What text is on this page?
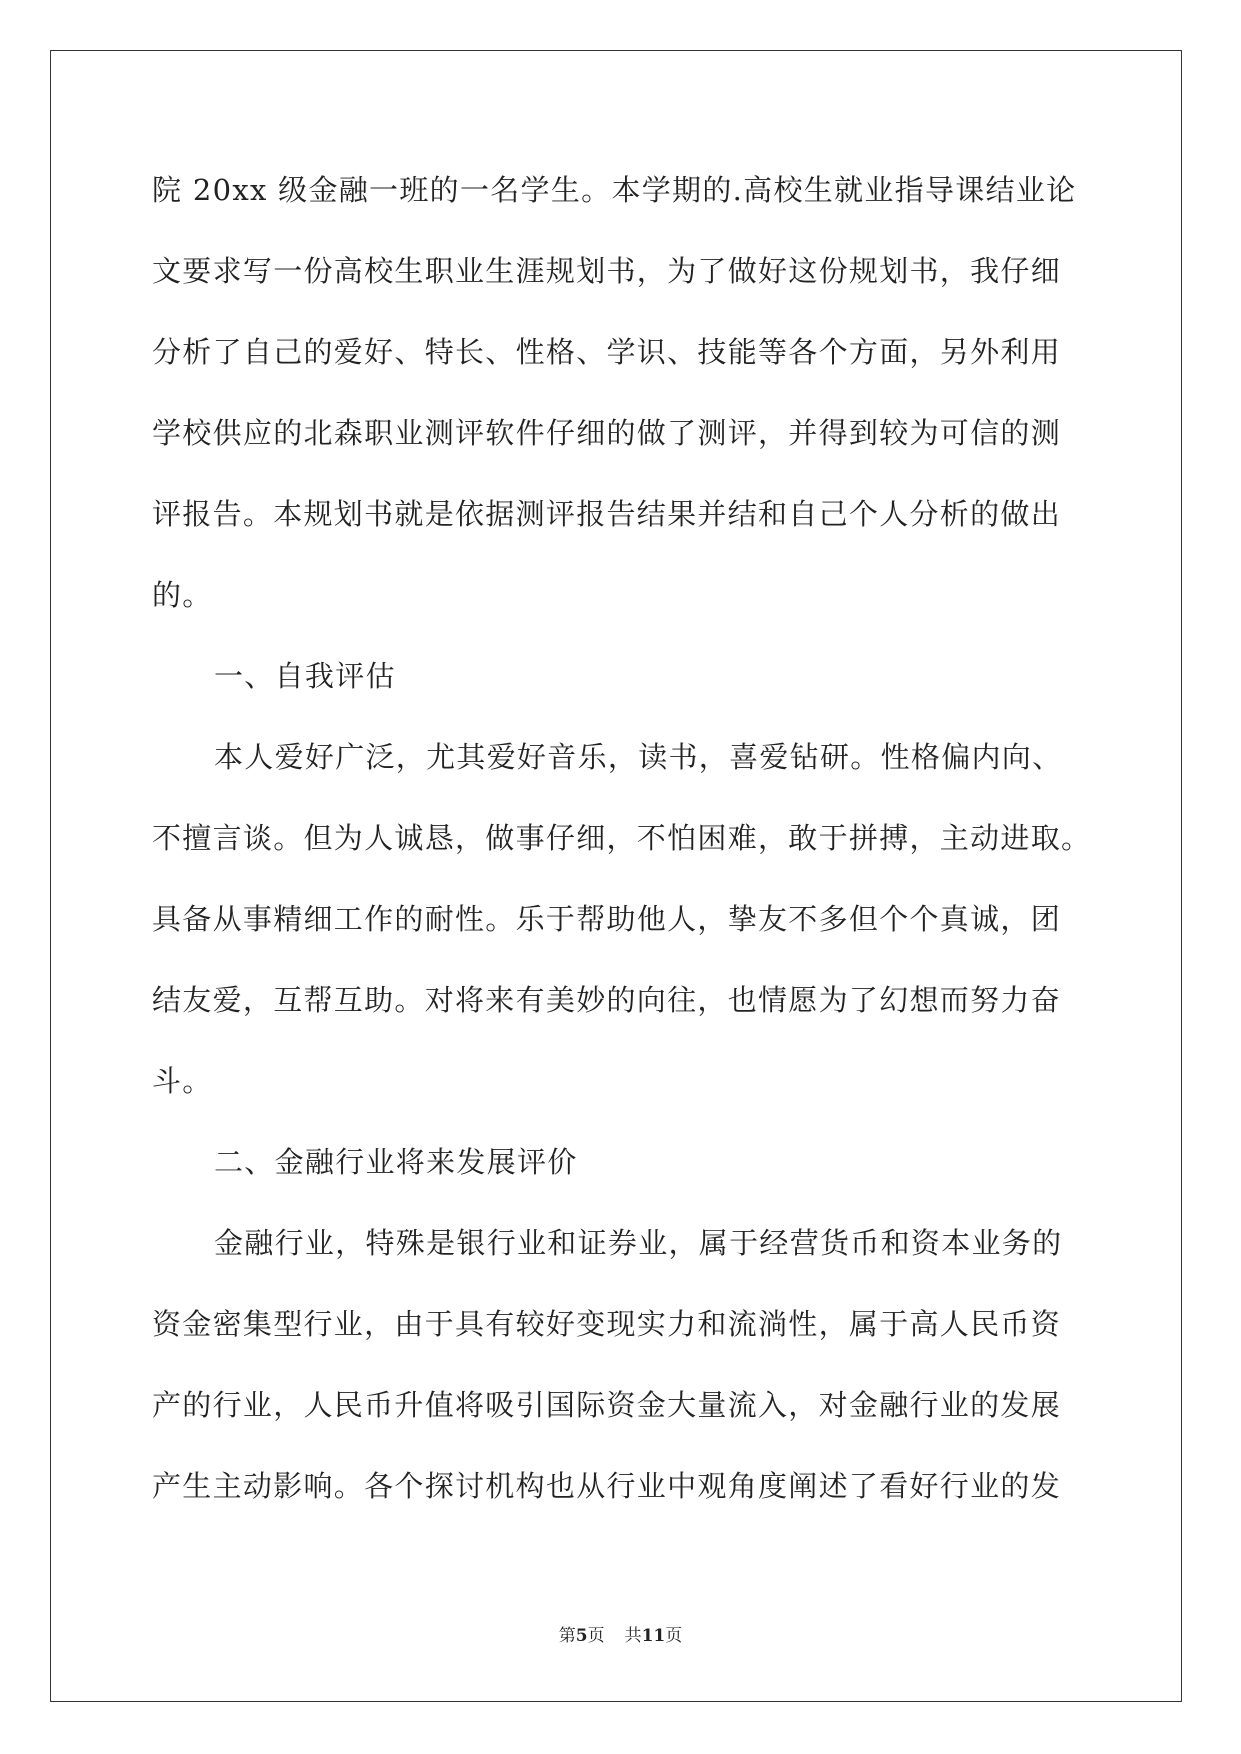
院 20xx 级金融一班的一名学生。本学期的.高校生就业指导课结业论
文要求写一份高校生职业生涯规划书，为了做好这份规划书，我仔细
分析了自己的爱好、特长、性格、学识、技能等各个方面，另外利用
学校供应的北森职业测评软件仔细的做了测评，并得到较为可信的测
评报告。本规划书就是依据测评报告结果并结和自己个人分析的做出
的。
一、自我评估
本人爱好广泛，尤其爱好音乐，读书，喜爱钻研。性格偏内向、
不擅言谈。但为人诚恳，做事仔细，不怕困难，敢于拼搏，主动进取。
具备从事精细工作的耐性。乐于帮助他人，挚友不多但个个真诚，团
结友爱，互帮互助。对将来有美妙的向往，也情愿为了幻想而努力奋
斗。
二、金融行业将来发展评价
金融行业，特殊是银行业和证券业，属于经营货币和资本业务的
资金密集型行业，由于具有较好变现实力和流淌性，属于高人民币资
产的行业，人民币升值将吸引国际资金大量流入，对金融行业的发展
产生主动影响。各个探讨机构也从行业中观角度阐述了看好行业的发
第5页 共11页
